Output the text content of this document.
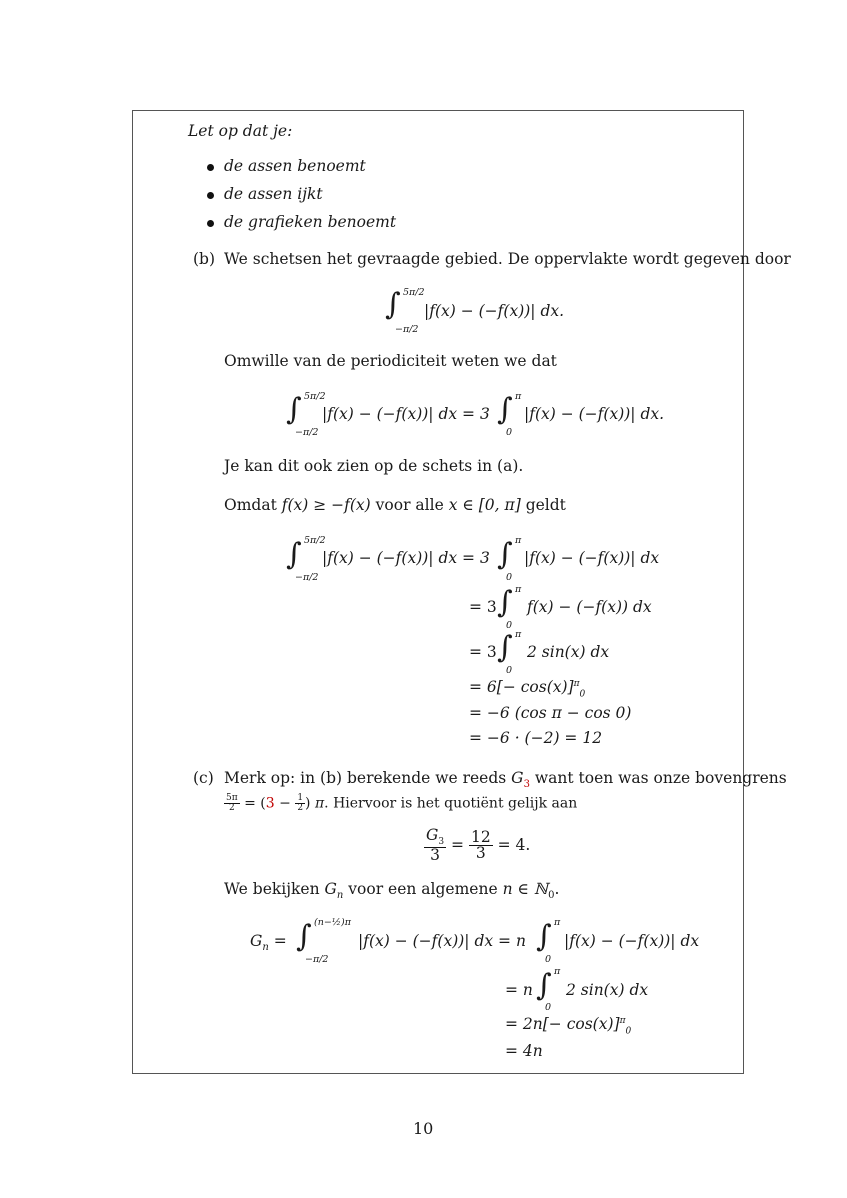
Let op dat je:
de assen benoemt
de assen ijkt
de grafieken benoemt
(b) We schetsen het gevraagde gebied. De oppervlakte wordt gegeven door
∫ 5π/2
−π/2
|f(x) − (−f(x))| dx.
Omwille van de periodiciteit weten we dat
∫ 5π/2
−π/2
|f(x) − (−f(x))| dx = 3 ∫ π
0
|f(x) − (−f(x))| dx.
Je kan dit ook zien op de schets in (a).
Omdat f(x) ≥ −f(x) voor alle x ∈ [0, π] geldt
∫ 5π/2
−π/2
|f(x) − (−f(x))| dx = 3 ∫ π
0
|f(x) − (−f(x))| dx
= 3 ∫ π
0
f(x) − (−f(x)) dx
= 3 ∫ π
0
2 sin(x) dx
= $6[- \cos(x)]^\pi_0$
= −6 (cos π − cos 0)
= −6 · (−2) = 12
(c) Merk op: in (b) berekende we reeds $G_3$ want toen was onze bovengrens
$\frac{5\pi}{2} = (3 - \frac{1}{2}$ ) π. Hiervoor is het quotiënt gelijk aan
$\frac{G_3}{3} = \frac{12}{3} = 4$.
We bekijken $G_n$ voor een algemene n ∈ ℕ$_0$.
$G_n$ = ∫ (n−½)π
−π/2
|f(x) − (−f(x))| dx = n ∫ π
0
|f(x) − (−f(x))| dx
= n ∫ π
0
2 sin(x) dx
= $2n[- \cos(x)]^\pi_0$
= 4n
10
